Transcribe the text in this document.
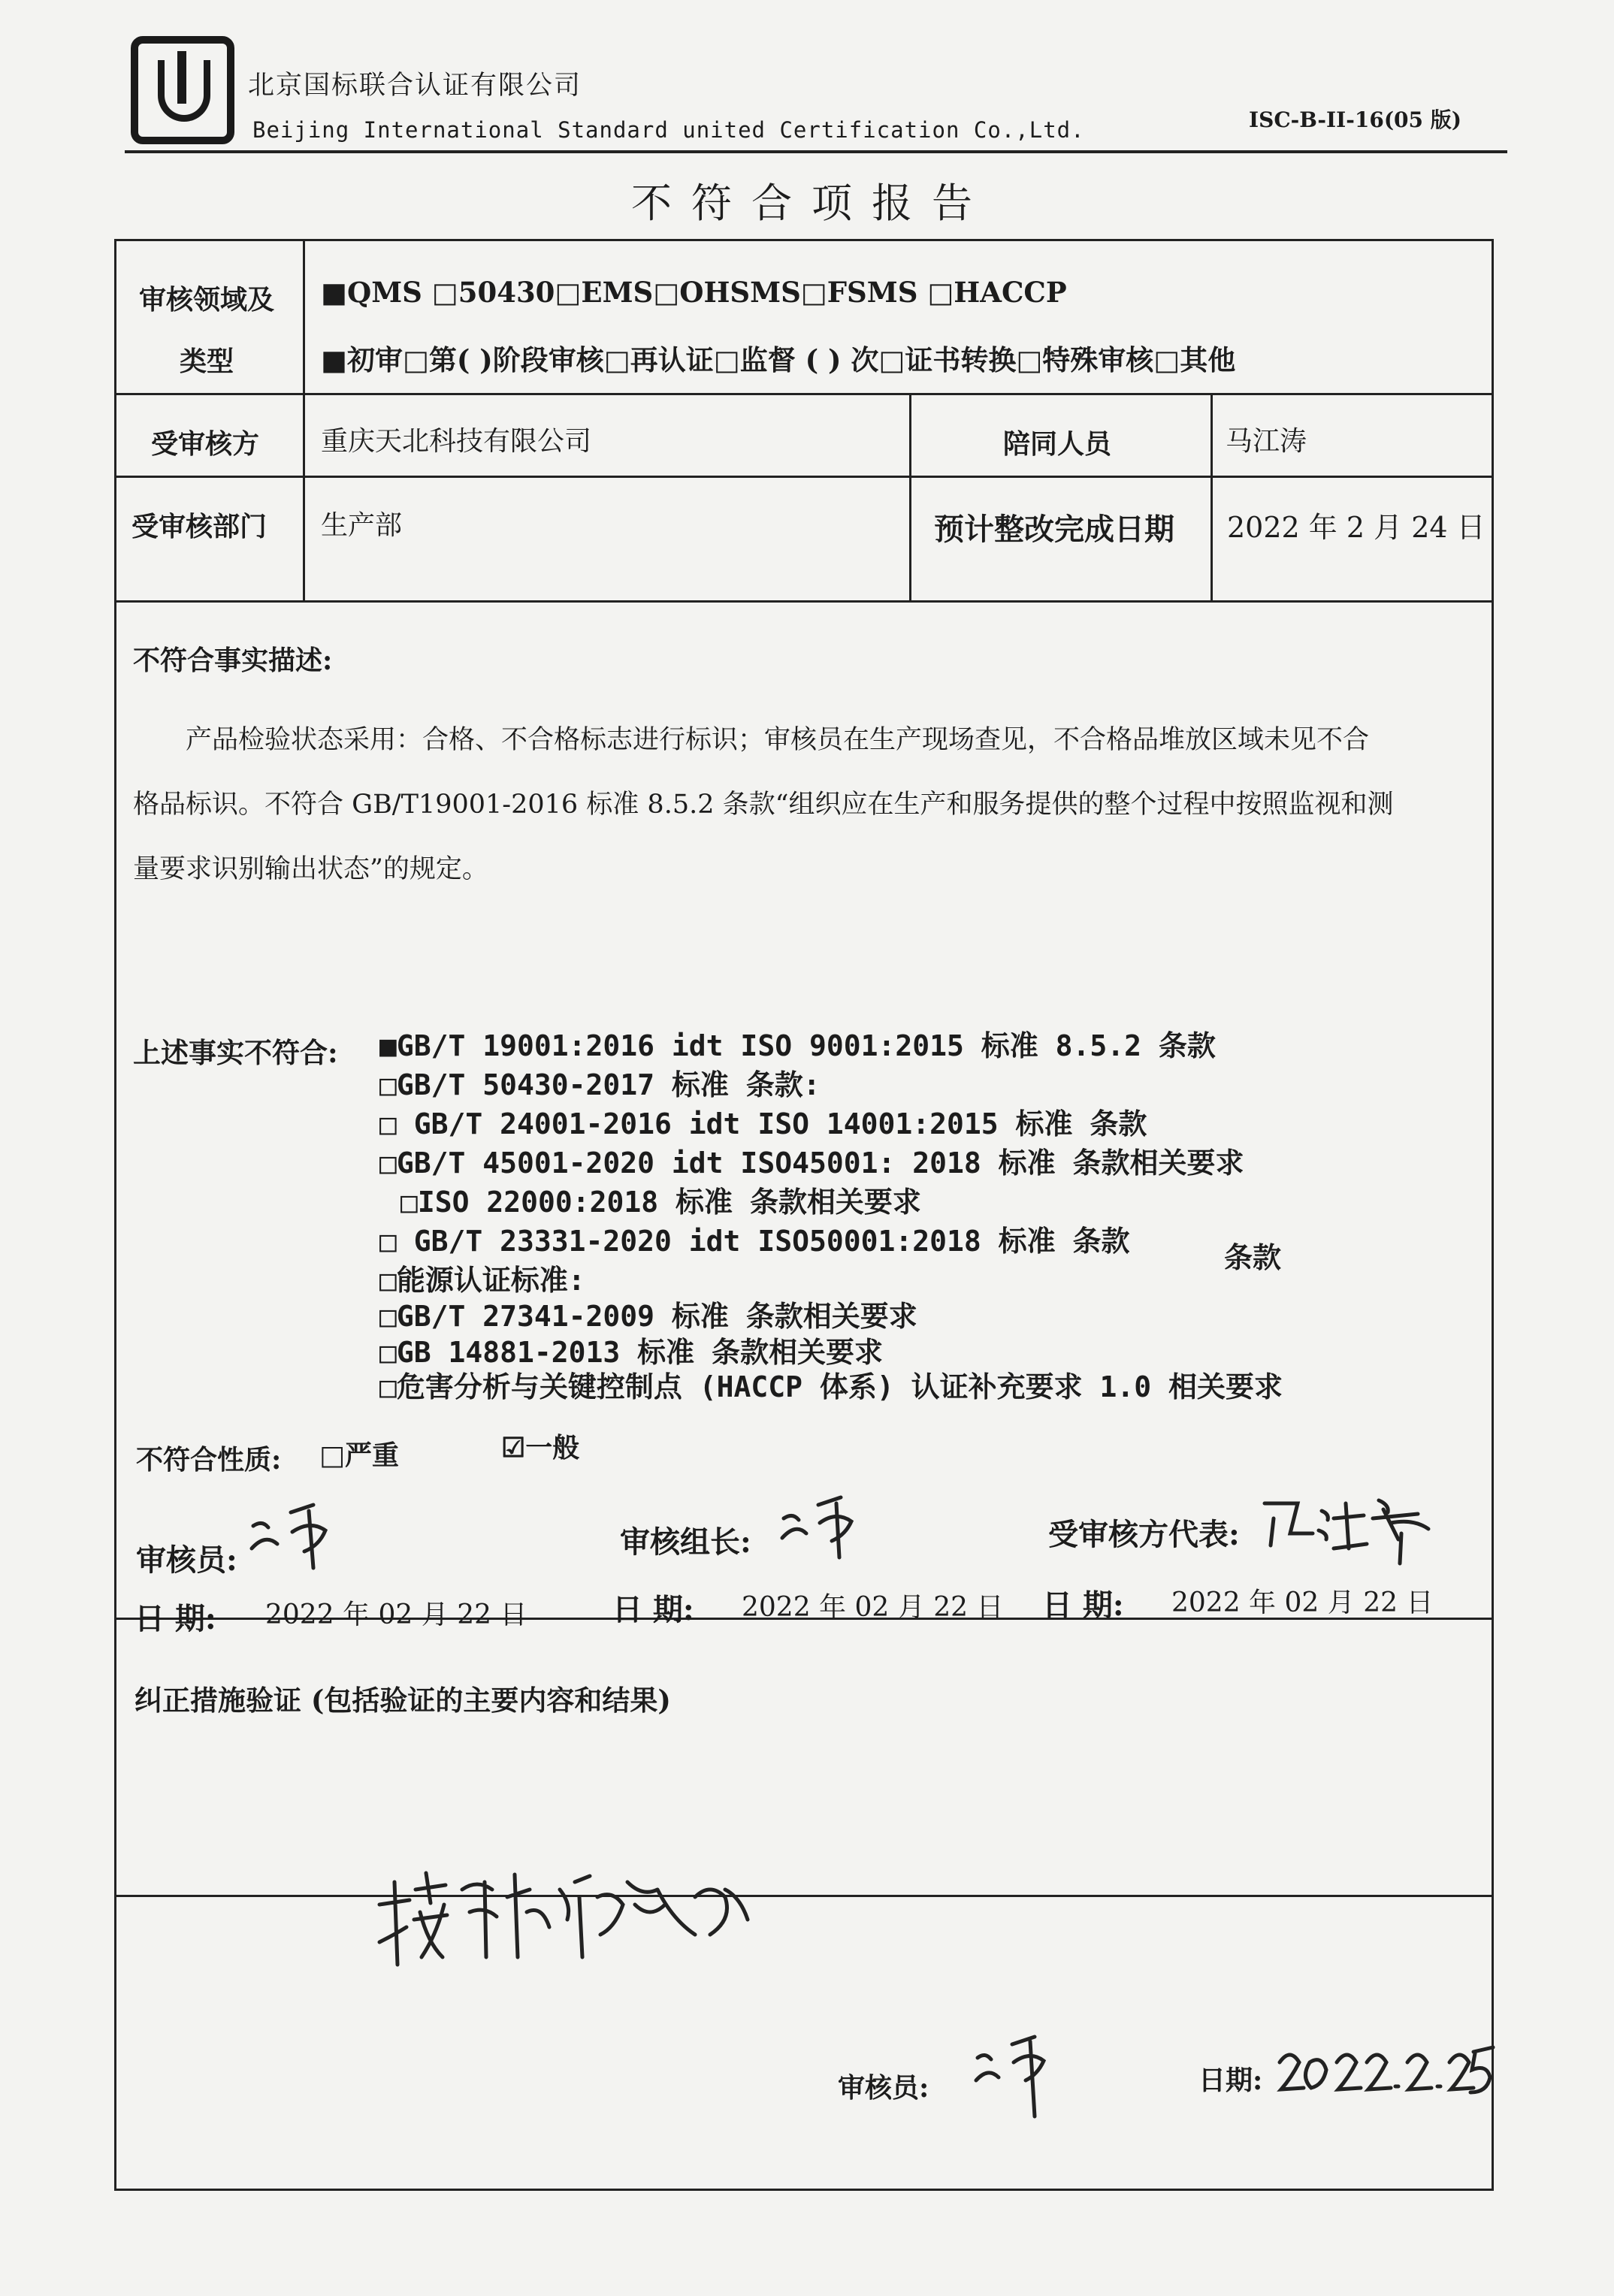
北京国标联合认证有限公司
Beijing International Standard united Certification Co.,Ltd.	ISC-B-II-16(05 版)
不符合项报告
审核领域及
类型
■QMS □50430□EMS□OHSMS□FSMS □HACCP
■初审□第( )阶段审核□再认证□监督 ( ) 次□证书转换□特殊审核□其他
受审核方 重庆天北科技有限公司	陪同人员	马江涛
受审核部门 生产部	预计整改完成日期 2022 年 2 月 24 日
不符合事实描述:
产品检验状态采用：合格、不合格标志进行标识；审核员在生产现场查见，不合格品堆放区域未见不合
格品标识。不符合 GB/T19001-2016 标准 8.5.2 条款“组织应在生产和服务提供的整个过程中按照监视和测
量要求识别输出状态”的规定。
上述事实不符合: ■GB/T 19001:2016 idt ISO 9001:2015 标准 8.5.2 条款
□GB/T 50430-2017 标准 条款:
□ GB/T 24001-2016 idt ISO 14001:2015 标准 条款
□GB/T 45001-2020 idt ISO45001: 2018 标准 条款相关要求
□ISO 22000:2018 标准 条款相关要求
□ GB/T 23331-2020 idt ISO50001:2018 标准 条款
□能源认证标准:
条款
□GB/T 27341-2009 标准 条款相关要求
□GB 14881-2013 标准 条款相关要求
□危害分析与关键控制点 (HACCP 体系) 认证补充要求 1.0 相关要求
不符合性质: □严重	☑一般
审核员:
审核组长:	受审核方代表:
日 期: 2022 年 02 月 22 日	日 期: 2022 年 02 月 22 日 日 期: 2022 年 02 月 22 日
纠正措施验证 (包括验证的主要内容和结果)
审核员:	日期:
